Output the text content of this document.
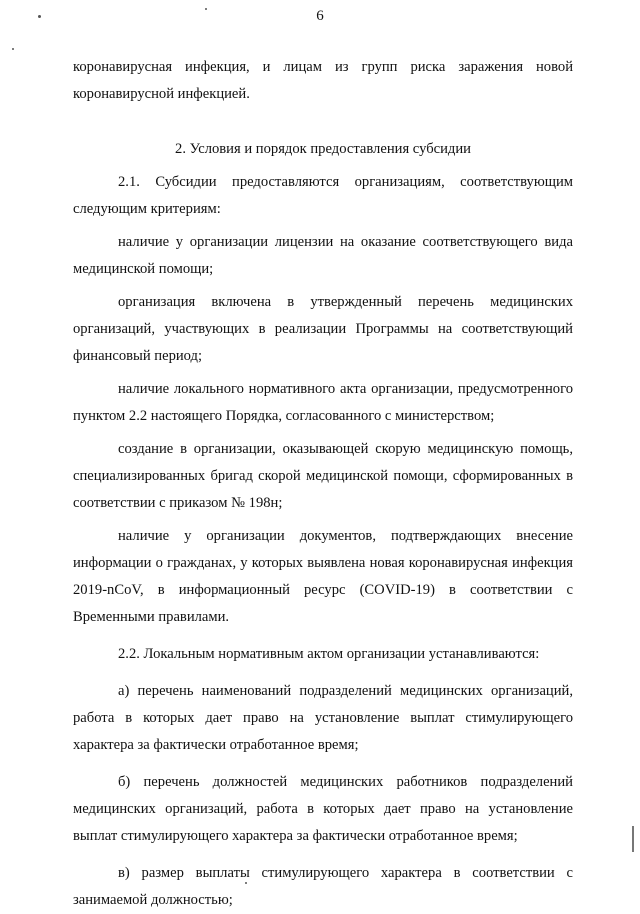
6

коронавирусная инфекция, и лицам из групп риска заражения новой коронавирусной инфекцией.

2. Условия и порядок предоставления субсидии

2.1. Субсидии предоставляются организациям, соответствующим следующим критериям:

наличие у организации лицензии на оказание соответствующего вида медицинской помощи;

организация включена в утвержденный перечень медицинских организаций, участвующих в реализации Программы на соответствующий финансовый период;

наличие локального нормативного акта организации, предусмотренного пунктом 2.2 настоящего Порядка, согласованного с министерством;

создание в организации, оказывающей скорую медицинскую помощь, специализированных бригад скорой медицинской помощи, сформированных в соответствии с приказом № 198н;

наличие у организации документов, подтверждающих внесение информации о гражданах, у которых выявлена новая коронавирусная инфекция 2019-nCoV, в информационный ресурс (COVID-19) в соответствии с Временными правилами.

2.2. Локальным нормативным актом организации устанавливаются:

а) перечень наименований подразделений медицинских организаций, работа в которых дает право на установление выплат стимулирующего характера за фактически отработанное время;

б) перечень должностей медицинских работников подразделений медицинских организаций, работа в которых дает право на установление выплат стимулирующего характера за фактически отработанное время;

в) размер выплаты стимулирующего характера в соответствии с занимаемой должностью;
